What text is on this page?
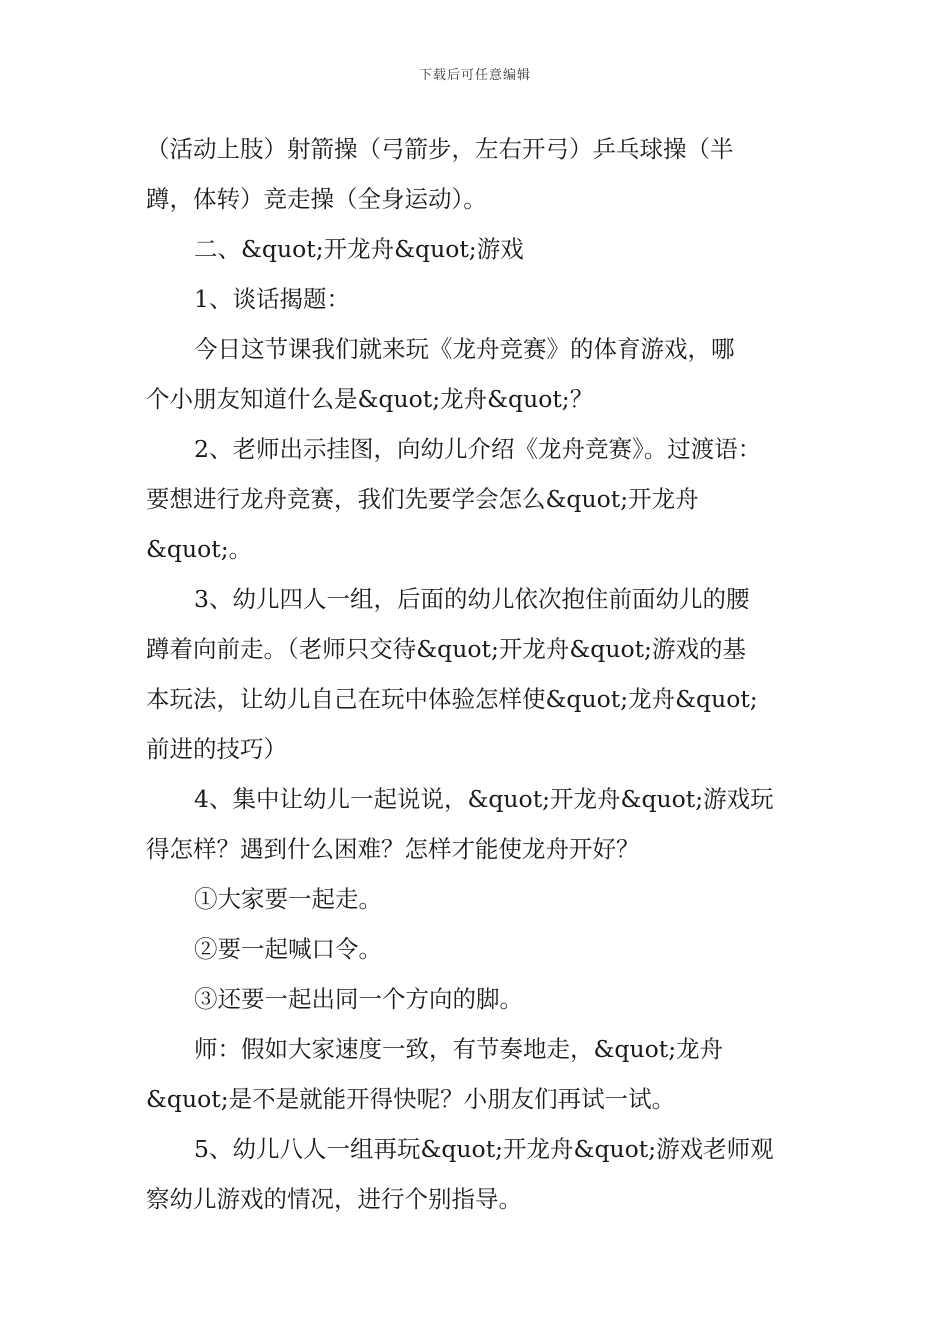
下载后可任意编辑

（活动上肢）射箭操（弓箭步，左右开弓）乒乓球操（半

蹲，体转）竞走操（全身运动）。

二、&quot;开龙舟&quot;游戏

1、谈话揭题：

今日这节课我们就来玩《龙舟竞赛》的体育游戏，哪

个小朋友知道什么是&quot;龙舟&quot;？

2、老师出示挂图，向幼儿介绍《龙舟竞赛》。过渡语：

要想进行龙舟竞赛，我们先要学会怎么&quot;开龙舟

&quot;。

3、幼儿四人一组，后面的幼儿依次抱住前面幼儿的腰

蹲着向前走。（老师只交待&quot;开龙舟&quot;游戏的基

本玩法，让幼儿自己在玩中体验怎样使&quot;龙舟&quot;

前进的技巧）

4、集中让幼儿一起说说，&quot;开龙舟&quot;游戏玩

得怎样？遇到什么困难？怎样才能使龙舟开好？

①大家要一起走。

②要一起喊口令。

③还要一起出同一个方向的脚。

师：假如大家速度一致，有节奏地走，&quot;龙舟

&quot;是不是就能开得快呢？小朋友们再试一试。

5、幼儿八人一组再玩&quot;开龙舟&quot;游戏老师观

察幼儿游戏的情况，进行个别指导。
